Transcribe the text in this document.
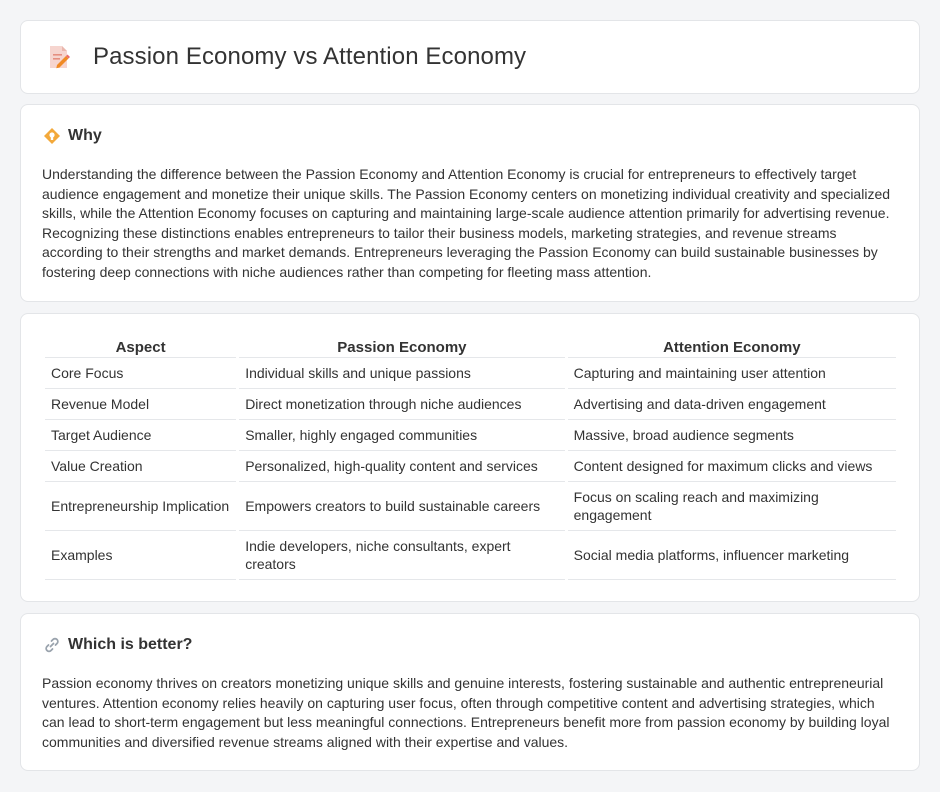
Passion Economy vs Attention Economy
Why

Understanding the difference between the Passion Economy and Attention Economy is crucial for entrepreneurs to effectively target audience engagement and monetize their unique skills. The Passion Economy centers on monetizing individual creativity and specialized skills, while the Attention Economy focuses on capturing and maintaining large-scale audience attention primarily for advertising revenue. Recognizing these distinctions enables entrepreneurs to tailor their business models, marketing strategies, and revenue streams according to their strengths and market demands. Entrepreneurs leveraging the Passion Economy can build sustainable businesses by fostering deep connections with niche audiences rather than competing for fleeting mass attention.

Aspect	Passion Economy	Attention Economy
Core Focus	Individual skills and unique passions	Capturing and maintaining user attention
Revenue Model	Direct monetization through niche audiences	Advertising and data-driven engagement
Target Audience	Smaller, highly engaged communities	Massive, broad audience segments
Value Creation	Personalized, high-quality content and services	Content designed for maximum clicks and views
Entrepreneurship Implication	Empowers creators to build sustainable careers	Focus on scaling reach and maximizing engagement
Examples	Indie developers, niche consultants, expert creators	Social media platforms, influencer marketing
Which is better?

Passion economy thrives on creators monetizing unique skills and genuine interests, fostering sustainable and authentic entrepreneurial ventures. Attention economy relies heavily on capturing user focus, often through competitive content and advertising strategies, which can lead to short-term engagement but less meaningful connections. Entrepreneurs benefit more from passion economy by building loyal communities and diversified revenue streams aligned with their expertise and values.
